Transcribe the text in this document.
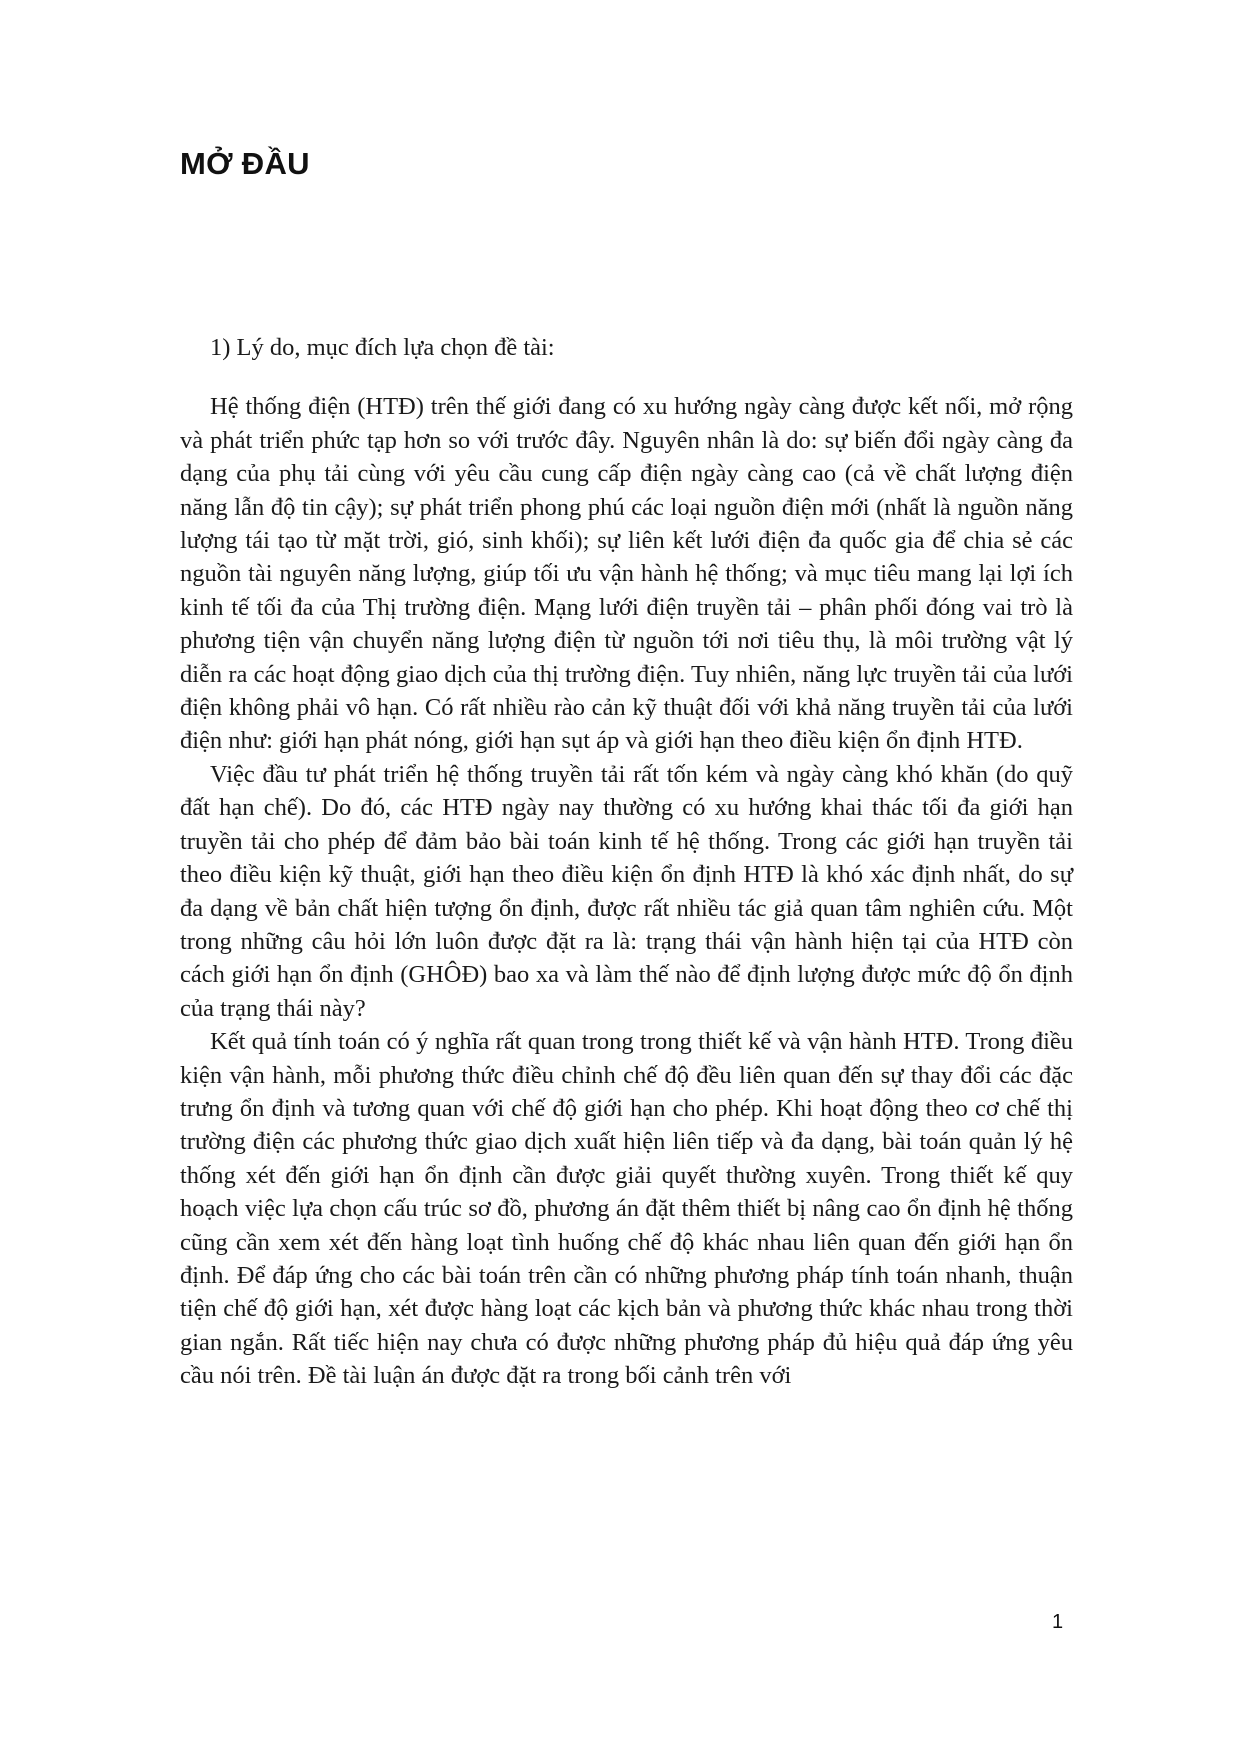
MỞ ĐẦU

1) Lý do, mục đích lựa chọn đề tài:

Hệ thống điện (HTĐ) trên thế giới đang có xu hướng ngày càng được kết nối, mở rộng và phát triển phức tạp hơn so với trước đây. Nguyên nhân là do: sự biến đổi ngày càng đa dạng của phụ tải cùng với yêu cầu cung cấp điện ngày càng cao (cả về chất lượng điện năng lẫn độ tin cậy); sự phát triển phong phú các loại nguồn điện mới (nhất là nguồn năng lượng tái tạo từ mặt trời, gió, sinh khối); sự liên kết lưới điện đa quốc gia để chia sẻ các nguồn tài nguyên năng lượng, giúp tối ưu vận hành hệ thống; và mục tiêu mang lại lợi ích kinh tế tối đa của Thị trường điện. Mạng lưới điện truyền tải – phân phối đóng vai trò là phương tiện vận chuyển năng lượng điện từ nguồn tới nơi tiêu thụ, là môi trường vật lý diễn ra các hoạt động giao dịch của thị trường điện. Tuy nhiên, năng lực truyền tải của lưới điện không phải vô hạn. Có rất nhiều rào cản kỹ thuật đối với khả năng truyền tải của lưới điện như: giới hạn phát nóng, giới hạn sụt áp và giới hạn theo điều kiện ổn định HTĐ.

Việc đầu tư phát triển hệ thống truyền tải rất tốn kém và ngày càng khó khăn (do quỹ đất hạn chế). Do đó, các HTĐ ngày nay thường có xu hướng khai thác tối đa giới hạn truyền tải cho phép để đảm bảo bài toán kinh tế hệ thống. Trong các giới hạn truyền tải theo điều kiện kỹ thuật, giới hạn theo điều kiện ổn định HTĐ là khó xác định nhất, do sự đa dạng về bản chất hiện tượng ổn định, được rất nhiều tác giả quan tâm nghiên cứu. Một trong những câu hỏi lớn luôn được đặt ra là: trạng thái vận hành hiện tại của HTĐ còn cách giới hạn ổn định (GHÔĐ) bao xa và làm thế nào để định lượng được mức độ ổn định của trạng thái này?

Kết quả tính toán có ý nghĩa rất quan trong trong thiết kế và vận hành HTĐ. Trong điều kiện vận hành, mỗi phương thức điều chỉnh chế độ đều liên quan đến sự thay đổi các đặc trưng ổn định và tương quan với chế độ giới hạn cho phép. Khi hoạt động theo cơ chế thị trường điện các phương thức giao dịch xuất hiện liên tiếp và đa dạng, bài toán quản lý hệ thống xét đến giới hạn ổn định cần được giải quyết thường xuyên. Trong thiết kế quy hoạch việc lựa chọn cấu trúc sơ đồ, phương án đặt thêm thiết bị nâng cao ổn định hệ thống cũng cần xem xét đến hàng loạt tình huống chế độ khác nhau liên quan đến giới hạn ổn định. Để đáp ứng cho các bài toán trên cần có những phương pháp tính toán nhanh, thuận tiện chế độ giới hạn, xét được hàng loạt các kịch bản và phương thức khác nhau trong thời gian ngắn. Rất tiếc hiện nay chưa có được những phương pháp đủ hiệu quả đáp ứng yêu cầu nói trên. Đề tài luận án được đặt ra trong bối cảnh trên với

1
